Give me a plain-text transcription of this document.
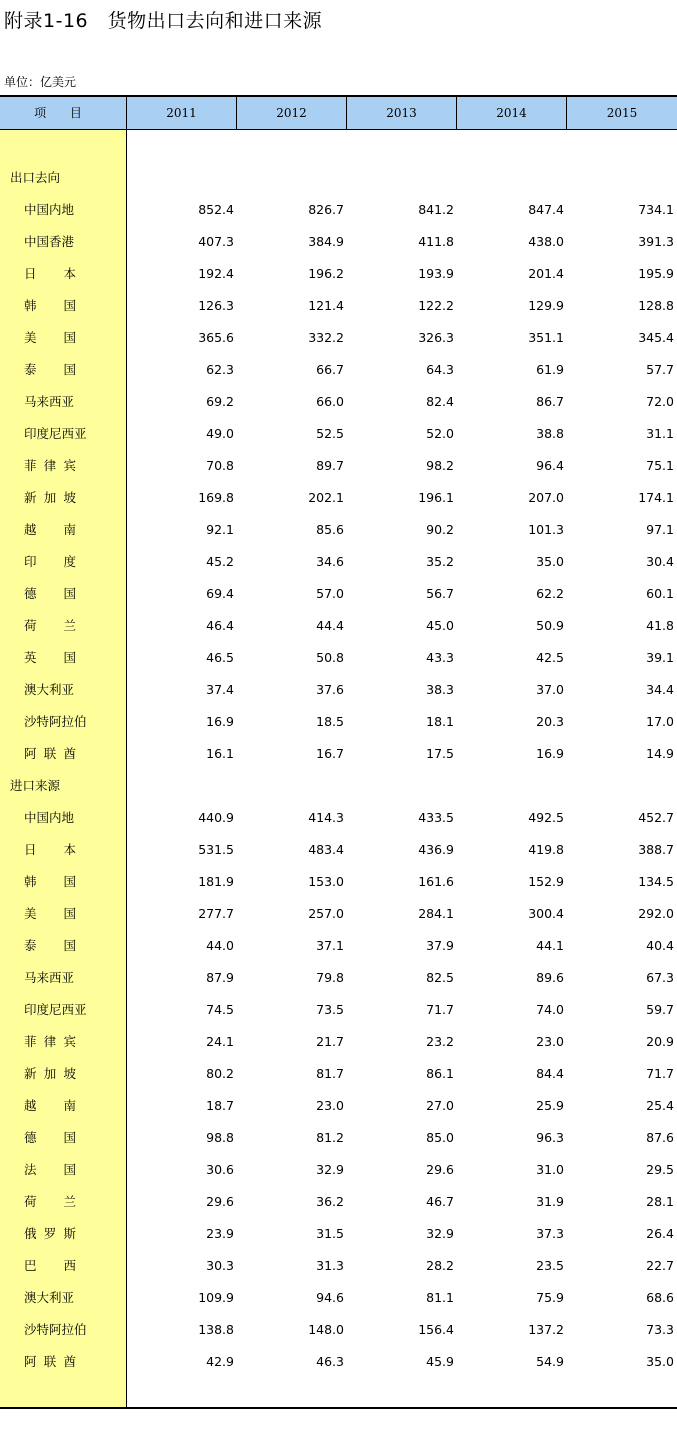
附录1-16　货物出口去向和进口来源
单位：亿美元
项 目	2011	2012	2013	2014	2015
出口去向
中国内地	852.4	826.7	841.2	847.4	734.1
中国香港	407.3	384.9	411.8	438.0	391.3
日 本	192.4	196.2	193.9	201.4	195.9
韩 国	126.3	121.4	122.2	129.9	128.8
美 国	365.6	332.2	326.3	351.1	345.4
泰 国	62.3	66.7	64.3	61.9	57.7
马来西亚	69.2	66.0	82.4	86.7	72.0
印度尼西亚	49.0	52.5	52.0	38.8	31.1
菲 律 宾	70.8	89.7	98.2	96.4	75.1
新 加 坡	169.8	202.1	196.1	207.0	174.1
越 南	92.1	85.6	90.2	101.3	97.1
印 度	45.2	34.6	35.2	35.0	30.4
德 国	69.4	57.0	56.7	62.2	60.1
荷 兰	46.4	44.4	45.0	50.9	41.8
英 国	46.5	50.8	43.3	42.5	39.1
澳大利亚	37.4	37.6	38.3	37.0	34.4
沙特阿拉伯	16.9	18.5	18.1	20.3	17.0
阿 联 酋	16.1	16.7	17.5	16.9	14.9
进口来源
中国内地	440.9	414.3	433.5	492.5	452.7
日 本	531.5	483.4	436.9	419.8	388.7
韩 国	181.9	153.0	161.6	152.9	134.5
美 国	277.7	257.0	284.1	300.4	292.0
泰 国	44.0	37.1	37.9	44.1	40.4
马来西亚	87.9	79.8	82.5	89.6	67.3
印度尼西亚	74.5	73.5	71.7	74.0	59.7
菲 律 宾	24.1	21.7	23.2	23.0	20.9
新 加 坡	80.2	81.7	86.1	84.4	71.7
越 南	18.7	23.0	27.0	25.9	25.4
德 国	98.8	81.2	85.0	96.3	87.6
法 国	30.6	32.9	29.6	31.0	29.5
荷 兰	29.6	36.2	46.7	31.9	28.1
俄 罗 斯	23.9	31.5	32.9	37.3	26.4
巴 西	30.3	31.3	28.2	23.5	22.7
澳大利亚	109.9	94.6	81.1	75.9	68.6
沙特阿拉伯	138.8	148.0	156.4	137.2	73.3
阿 联 酋	42.9	46.3	45.9	54.9	35.0
